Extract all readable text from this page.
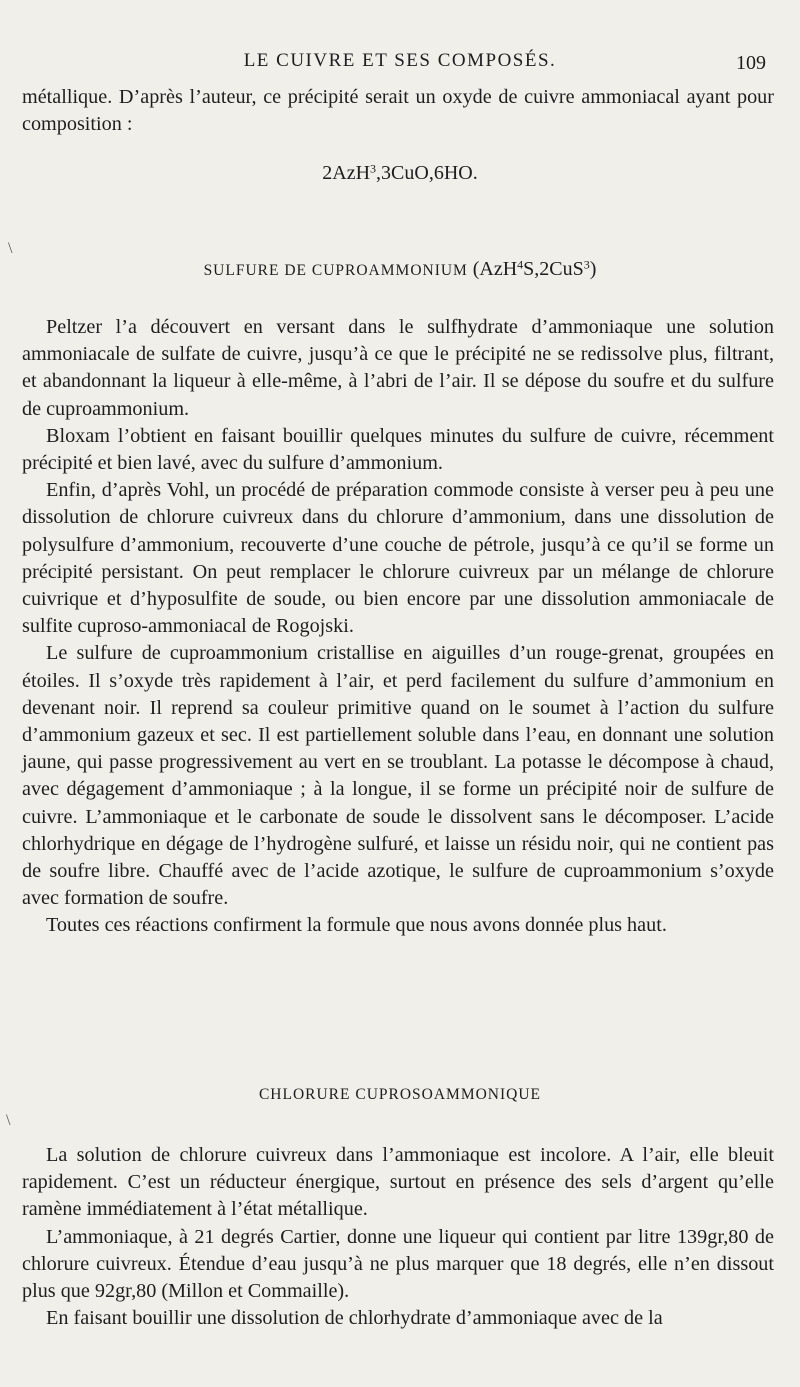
LE CUIVRE ET SES COMPOSÉS.	109

métallique. D’après l’auteur, ce précipité serait un oxyde de cuivre ammoniacal ayant pour composition :

2AzH$^3$,3CuO,6HO.
\
SULFURE DE CUPROAMMONIUM (AzH$^4$S,2CuS$^3$)

Peltzer l’a découvert en versant dans le sulfhydrate d’ammoniaque une solution ammoniacale de sulfate de cuivre, jusqu’à ce que le précipité ne se redissolve plus, filtrant, et abandonnant la liqueur à elle-même, à l’abri de l’air. Il se dépose du soufre et du sulfure de cuproammonium.

Bloxam l’obtient en faisant bouillir quelques minutes du sulfure de cuivre, récemment précipité et bien lavé, avec du sulfure d’ammonium.

Enfin, d’après Vohl, un procédé de préparation commode consiste à verser peu à peu une dissolution de chlorure cuivreux dans du chlorure d’ammonium, dans une dissolution de polysulfure d’ammonium, recouverte d’une couche de pétrole, jusqu’à ce qu’il se forme un précipité persistant. On peut remplacer le chlorure cuivreux par un mélange de chlorure cuivrique et d’hyposulfite de soude, ou bien encore par une dissolution ammoniacale de sulfite cuproso-ammoniacal de Rogojski.

Le sulfure de cuproammonium cristallise en aiguilles d’un rouge-grenat, groupées en étoiles. Il s’oxyde très rapidement à l’air, et perd facilement du sulfure d’ammonium en devenant noir. Il reprend sa couleur primitive quand on le soumet à l’action du sulfure d’ammonium gazeux et sec. Il est partiellement soluble dans l’eau, en donnant une solution jaune, qui passe progressivement au vert en se troublant. La potasse le décompose à chaud, avec dégagement d’ammoniaque ; à la longue, il se forme un précipité noir de sulfure de cuivre. L’ammoniaque et le carbonate de soude le dissolvent sans le décomposer. L’acide chlorhydrique en dégage de l’hydrogène sulfuré, et laisse un résidu noir, qui ne contient pas de soufre libre. Chauffé avec de l’acide azotique, le sulfure de cuproammonium s’oxyde avec formation de soufre.

Toutes ces réactions confirment la formule que nous avons donnée plus haut.

\
CHLORURE CUPROSOAMMONIQUE

La solution de chlorure cuivreux dans l’ammoniaque est incolore. A l’air, elle bleuit rapidement. C’est un réducteur énergique, surtout en présence des sels d’argent qu’elle ramène immédiatement à l’état métallique.

L’ammoniaque, à 21 degrés Cartier, donne une liqueur qui contient par litre 139gr,80 de chlorure cuivreux. Étendue d’eau jusqu’à ne plus marquer que 18 degrés, elle n’en dissout plus que 92gr,80 (Millon et Commaille).

En faisant bouillir une dissolution de chlorhydrate d’ammoniaque avec de la
